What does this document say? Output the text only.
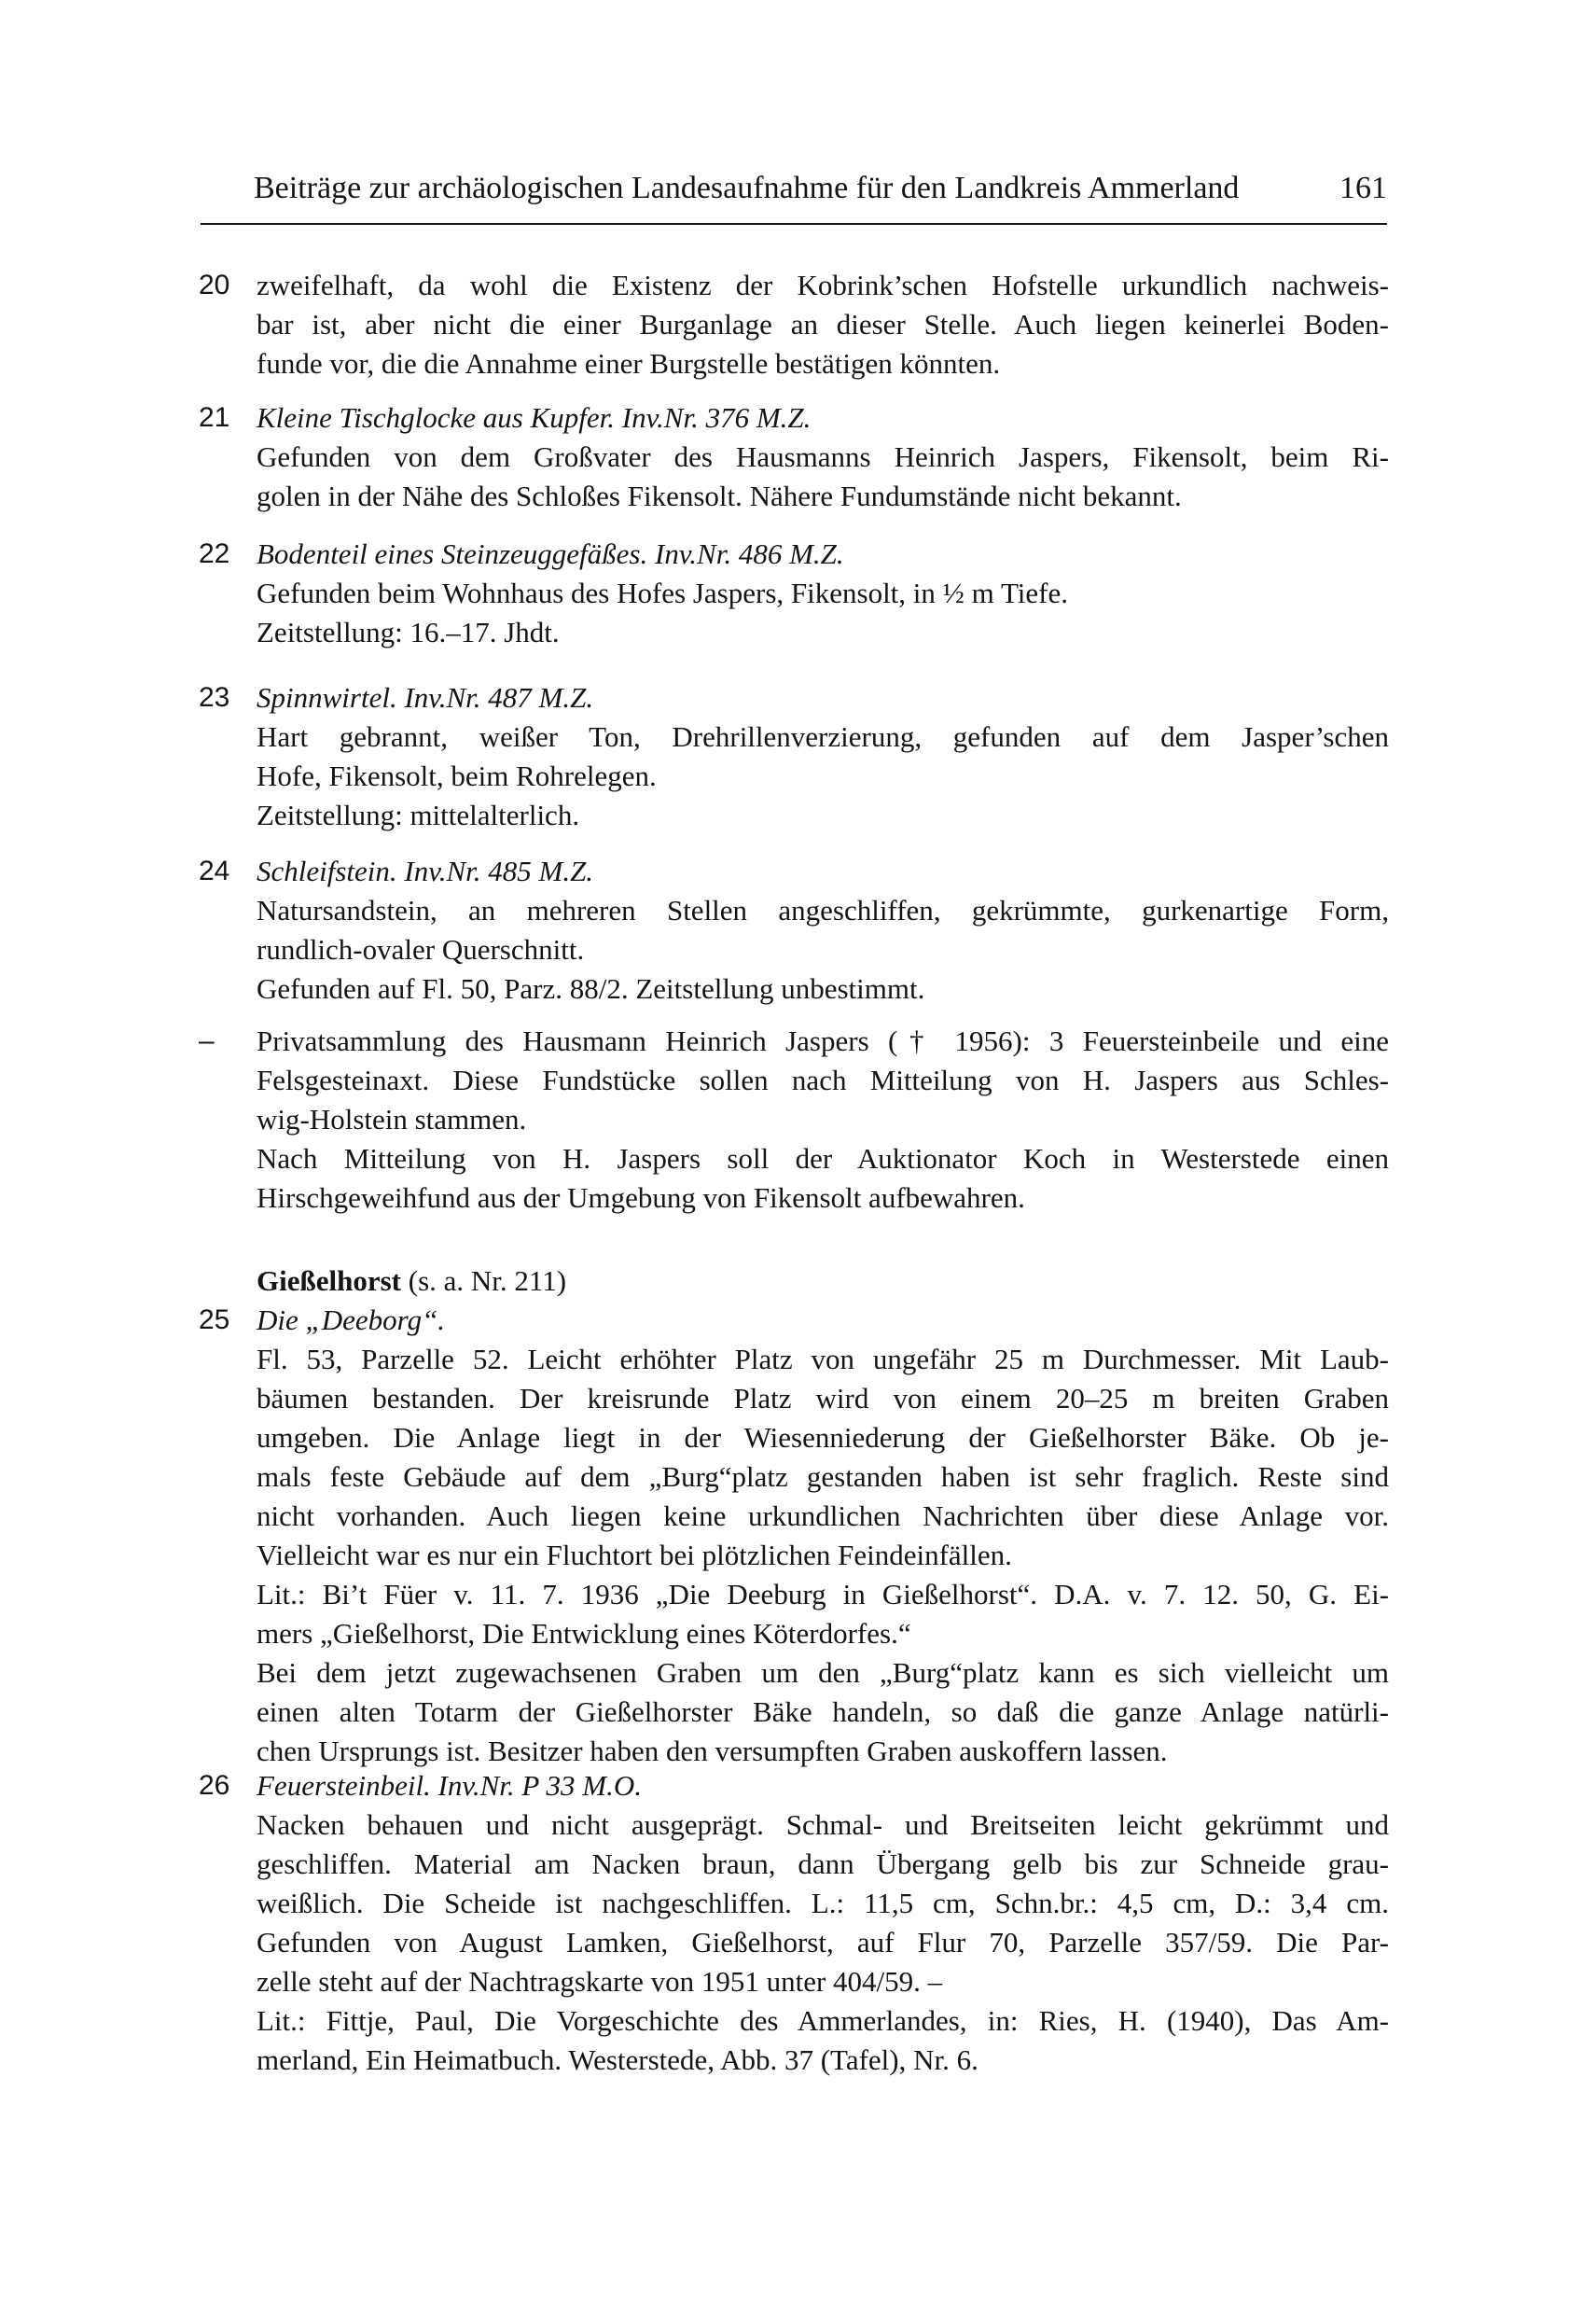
Beiträge zur archäologischen Landesaufnahme für den Landkreis Ammerland	161
20 zweifelhaft, da wohl die Existenz der Kobrink’schen Hofstelle urkundlich nachweis-
bar ist, aber nicht die einer Burganlage an dieser Stelle. Auch liegen keinerlei Boden-
funde vor, die die Annahme einer Burgstelle bestätigen könnten.
21 Kleine Tischglocke aus Kupfer. Inv.Nr. 376 M.Z.
Gefunden von dem Großvater des Hausmanns Heinrich Jaspers, Fikensolt, beim Ri-
golen in der Nähe des Schloßes Fikensolt. Nähere Fundumstände nicht bekannt.
22 Bodenteil eines Steinzeuggefäßes. Inv.Nr. 486 M.Z.
Gefunden beim Wohnhaus des Hofes Jaspers, Fikensolt, in ½ m Tiefe.
Zeitstellung: 16.–17. Jhdt.
23 Spinnwirtel. Inv.Nr. 487 M.Z.
Hart gebrannt, weißer Ton, Drehrillenverzierung, gefunden auf dem Jasper’schen
Hofe, Fikensolt, beim Rohrelegen.
Zeitstellung: mittelalterlich.
24 Schleifstein. Inv.Nr. 485 M.Z.
Natursandstein, an mehreren Stellen angeschliffen, gekrümmte, gurkenartige Form,
rundlich-ovaler Querschnitt.
Gefunden auf Fl. 50, Parz. 88/2. Zeitstellung unbestimmt.
–	Privatsammlung des Hausmann Heinrich Jaspers († 1956): 3 Feuersteinbeile und eine
Felsgesteinaxt. Diese Fundstücke sollen nach Mitteilung von H. Jaspers aus Schles-
wig-Holstein stammen.
Nach Mitteilung von H. Jaspers soll der Auktionator Koch in Westerstede einen
Hirschgeweihfund aus der Umgebung von Fikensolt aufbewahren.
Gießelhorst (s. a. Nr. 211)
25 Die „Deeborg“.
Fl. 53, Parzelle 52. Leicht erhöhter Platz von ungefähr 25 m Durchmesser. Mit Laub-
bäumen bestanden. Der kreisrunde Platz wird von einem 20–25 m breiten Graben
umgeben. Die Anlage liegt in der Wiesenniederung der Gießelhorster Bäke. Ob je-
mals feste Gebäude auf dem „Burg“platz gestanden haben ist sehr fraglich. Reste sind
nicht vorhanden. Auch liegen keine urkundlichen Nachrichten über diese Anlage vor.
Vielleicht war es nur ein Fluchtort bei plötzlichen Feindeinfällen.
Lit.: Bi’t Füer v. 11. 7. 1936 „Die Deeburg in Gießelhorst“. D.A. v. 7. 12. 50, G. Ei-
mers „Gießelhorst, Die Entwicklung eines Köterdorfes.“
Bei dem jetzt zugewachsenen Graben um den „Burg“platz kann es sich vielleicht um
einen alten Totarm der Gießelhorster Bäke handeln, so daß die ganze Anlage natürli-
chen Ursprungs ist. Besitzer haben den versumpften Graben auskoffern lassen.
26 Feuersteinbeil. Inv.Nr. P 33 M.O.
Nacken behauen und nicht ausgeprägt. Schmal- und Breitseiten leicht gekrümmt und
geschliffen. Material am Nacken braun, dann Übergang gelb bis zur Schneide grau-
weißlich. Die Scheide ist nachgeschliffen. L.: 11,5 cm, Schn.br.: 4,5 cm, D.: 3,4 cm.
Gefunden von August Lamken, Gießelhorst, auf Flur 70, Parzelle 357/59. Die Par-
zelle steht auf der Nachtragskarte von 1951 unter 404/59. –
Lit.: Fittje, Paul, Die Vorgeschichte des Ammerlandes, in: Ries, H. (1940), Das Am-
merland, Ein Heimatbuch. Westerstede, Abb. 37 (Tafel), Nr. 6.
